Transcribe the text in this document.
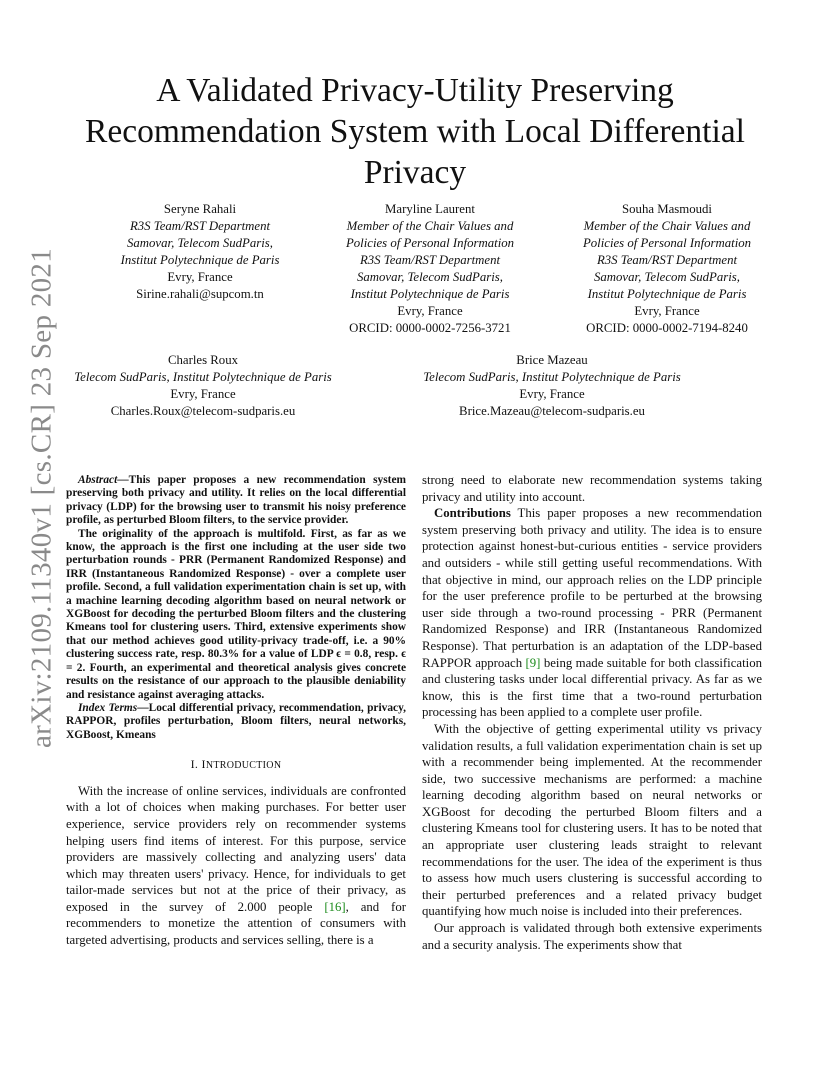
arXiv:2109.11340v1 [cs.CR] 23 Sep 2021
A Validated Privacy-Utility Preserving Recommendation System with Local Differential Privacy
Seryne Rahali
R3S Team/RST Department
Samovar, Telecom SudParis,
Institut Polytechnique de Paris
Evry, France
Sirine.rahali@supcom.tn
Maryline Laurent
Member of the Chair Values and
Policies of Personal Information
R3S Team/RST Department
Samovar, Telecom SudParis,
Institut Polytechnique de Paris
Evry, France
ORCID: 0000-0002-7256-3721
Souha Masmoudi
Member of the Chair Values and
Policies of Personal Information
R3S Team/RST Department
Samovar, Telecom SudParis,
Institut Polytechnique de Paris
Evry, France
ORCID: 0000-0002-7194-8240
Charles Roux
Telecom SudParis, Institut Polytechnique de Paris
Evry, France
Charles.Roux@telecom-sudparis.eu
Brice Mazeau
Telecom SudParis, Institut Polytechnique de Paris
Evry, France
Brice.Mazeau@telecom-sudparis.eu

Abstract—This paper proposes a new recommendation system preserving both privacy and utility. It relies on the local differential privacy (LDP) for the browsing user to transmit his noisy preference profile, as perturbed Bloom filters, to the service provider.

The originality of the approach is multifold. First, as far as we know, the approach is the first one including at the user side two perturbation rounds - PRR (Permanent Randomized Response) and IRR (Instantaneous Randomized Response) - over a complete user profile. Second, a full validation experimentation chain is set up, with a machine learning decoding algorithm based on neural network or XGBoost for decoding the perturbed Bloom filters and the clustering Kmeans tool for clustering users. Third, extensive experiments show that our method achieves good utility-privacy trade-off, i.e. a 90% clustering success rate, resp. 80.3% for a value of LDP ϵ = 0.8, resp. ϵ = 2. Fourth, an experimental and theoretical analysis gives concrete results on the resistance of our approach to the plausible deniability and resistance against averaging attacks.

Index Terms—Local differential privacy, recommendation, privacy, RAPPOR, profiles perturbation, Bloom filters, neural networks, XGBoost, Kmeans

I. INTRODUCTION

With the increase of online services, individuals are confronted with a lot of choices when making purchases. For better user experience, service providers rely on recommender systems helping users find items of interest. For this purpose, service providers are massively collecting and analyzing users' data which may threaten users' privacy. Hence, for individuals to get tailor-made services but not at the price of their privacy, as exposed in the survey of 2.000 people [16], and for recommenders to monetize the attention of consumers with targeted advertising, products and services selling, there is a

strong need to elaborate new recommendation systems taking privacy and utility into account.

Contributions This paper proposes a new recommendation system preserving both privacy and utility. The idea is to ensure protection against honest-but-curious entities - service providers and outsiders - while still getting useful recommendations. With that objective in mind, our approach relies on the LDP principle for the user preference profile to be perturbed at the browsing user side through a two-round processing - PRR (Permanent Randomized Response) and IRR (Instantaneous Randomized Response). That perturbation is an adaptation of the LDP-based RAPPOR approach [9] being made suitable for both classification and clustering tasks under local differential privacy. As far as we know, this is the first time that a two-round perturbation processing has been applied to a complete user profile.

With the objective of getting experimental utility vs privacy validation results, a full validation experimentation chain is set up with a recommender being implemented. At the recommender side, two successive mechanisms are performed: a machine learning decoding algorithm based on neural networks or XGBoost for decoding the perturbed Bloom filters and a clustering Kmeans tool for clustering users. It has to be noted that an appropriate user clustering leads straight to relevant recommendations for the user. The idea of the experiment is thus to assess how much users clustering is successful according to their perturbed preferences and a related privacy budget quantifying how much noise is included into their preferences.

Our approach is validated through both extensive experiments and a security analysis. The experiments show that
